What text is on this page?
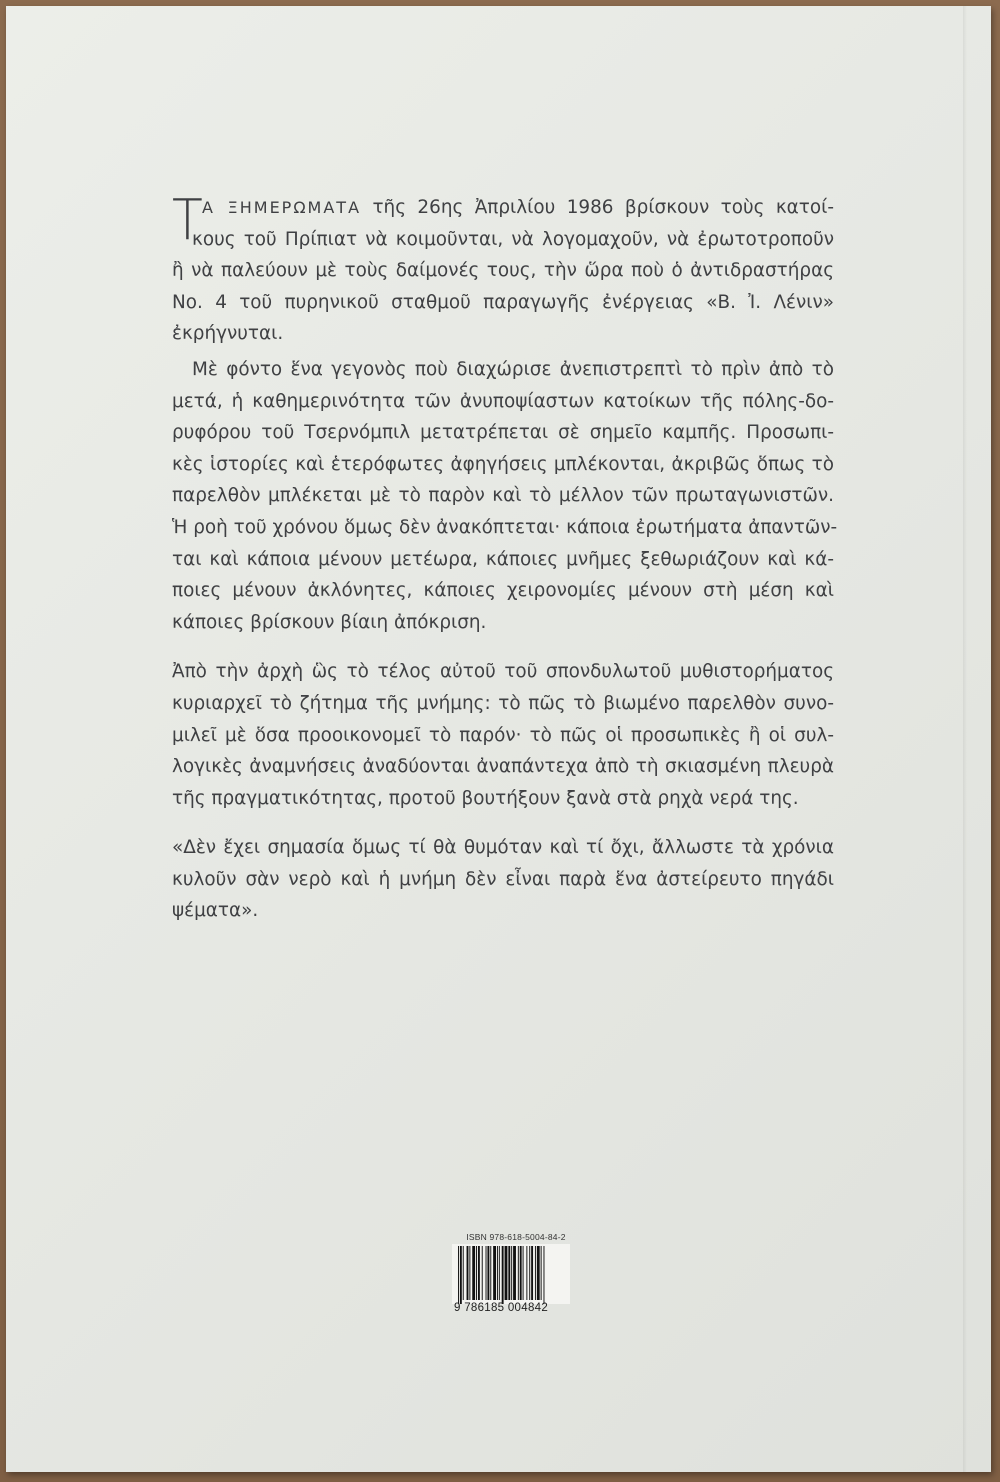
Τ Α ΞΗΜΕΡΩΜΑΤΑ τῆς 26ης Ἀπριλίου 1986 βρίσκουν τοὺς κατοί-
κους τοῦ Πρίπιατ νὰ κοιμοῦνται, νὰ λογομαχοῦν, νὰ ἐρωτοτροποῦν
ἢ νὰ παλεύουν μὲ τοὺς δαίμονές τους, τὴν ὥρα ποὺ ὁ ἀντιδραστήρας
Νο. 4 τοῦ πυρηνικοῦ σταθμοῦ παραγωγῆς ἐνέργειας «Β. Ἰ. Λένιν»
ἐκρήγνυται.

Μὲ φόντο ἕνα γεγονὸς ποὺ διαχώρισε ἀνεπιστρεπτὶ τὸ πρὶν ἀπὸ τὸ
μετά, ἡ καθημερινότητα τῶν ἀνυποψίαστων κατοίκων τῆς πόλης-δο-
ρυφόρου τοῦ Τσερνόμπιλ μετατρέπεται σὲ σημεῖο καμπῆς. Προσωπι-
κὲς ἱστορίες καὶ ἑτερόφωτες ἀφηγήσεις μπλέκονται, ἀκριβῶς ὅπως τὸ
παρελθὸν μπλέκεται μὲ τὸ παρὸν καὶ τὸ μέλλον τῶν πρωταγωνιστῶν.
Ἡ ροὴ τοῦ χρόνου ὅμως δὲν ἀνακόπτεται· κάποια ἐρωτήματα ἀπαντῶν-
ται καὶ κάποια μένουν μετέωρα, κάποιες μνῆμες ξεθωριάζουν καὶ κά-
ποιες μένουν ἀκλόνητες, κάποιες χειρονομίες μένουν στὴ μέση καὶ
κάποιες βρίσκουν βίαιη ἀπόκριση.

Ἀπὸ τὴν ἀρχὴ ὣς τὸ τέλος αὐτοῦ τοῦ σπονδυλωτοῦ μυθιστορήματος
κυριαρχεῖ τὸ ζήτημα τῆς μνήμης: τὸ πῶς τὸ βιωμένο παρελθὸν συνο-
μιλεῖ μὲ ὅσα προοικονομεῖ τὸ παρόν· τὸ πῶς οἱ προσωπικὲς ἢ οἱ συλ-
λογικὲς ἀναμνήσεις ἀναδύονται ἀναπάντεχα ἀπὸ τὴ σκιασμένη πλευρὰ
τῆς πραγματικότητας, προτοῦ βουτήξουν ξανὰ στὰ ρηχὰ νερά της.

«Δὲν ἔχει σημασία ὅμως τί θὰ θυμόταν καὶ τί ὄχι, ἄλλωστε τὰ χρόνια
κυλοῦν σὰν νερὸ καὶ ἡ μνήμη δὲν εἶναι παρὰ ἕνα ἀστείρευτο πηγάδι
ψέματα».

ISBN 978-618-5004-84-2
9 786185 004842
